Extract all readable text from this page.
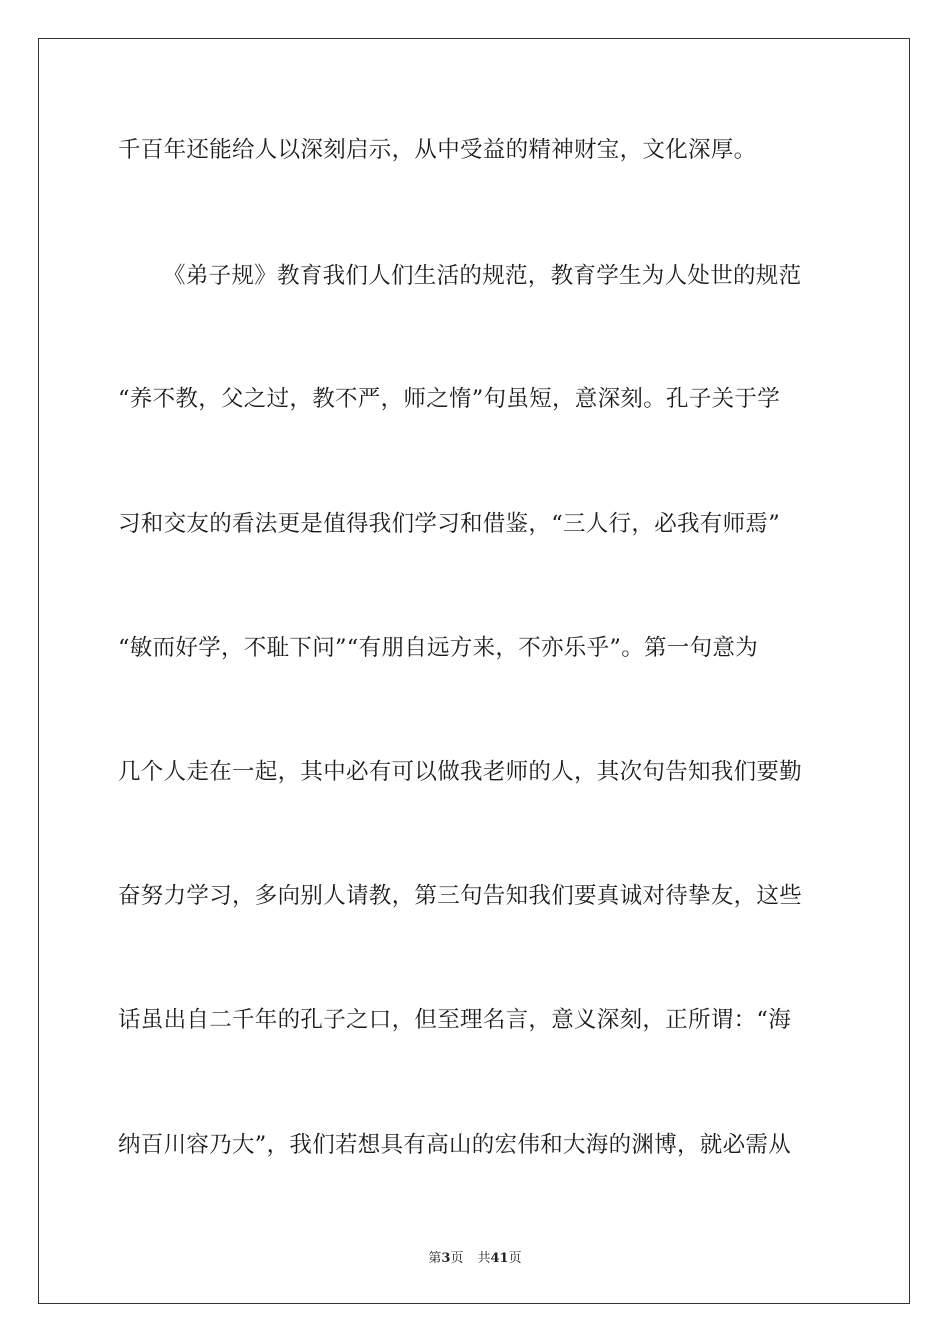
千百年还能给人以深刻启示，从中受益的精神财宝，文化深厚。
《弟子规》教育我们人们生活的规范，教育学生为人处世的规范
“养不教，父之过，教不严，师之惰”句虽短，意深刻。孔子关于学
习和交友的看法更是值得我们学习和借鉴，“三人行，必我有师焉”
“敏而好学，不耻下问”“有朋自远方来，不亦乐乎”。第一句意为
几个人走在一起，其中必有可以做我老师的人，其次句告知我们要勤
奋努力学习，多向别人请教，第三句告知我们要真诚对待挚友，这些
话虽出自二千年的孔子之口，但至理名言，意义深刻，正所谓：“海
纳百川容乃大”，我们若想具有高山的宏伟和大海的渊博，就必需从
第3页 共41页
